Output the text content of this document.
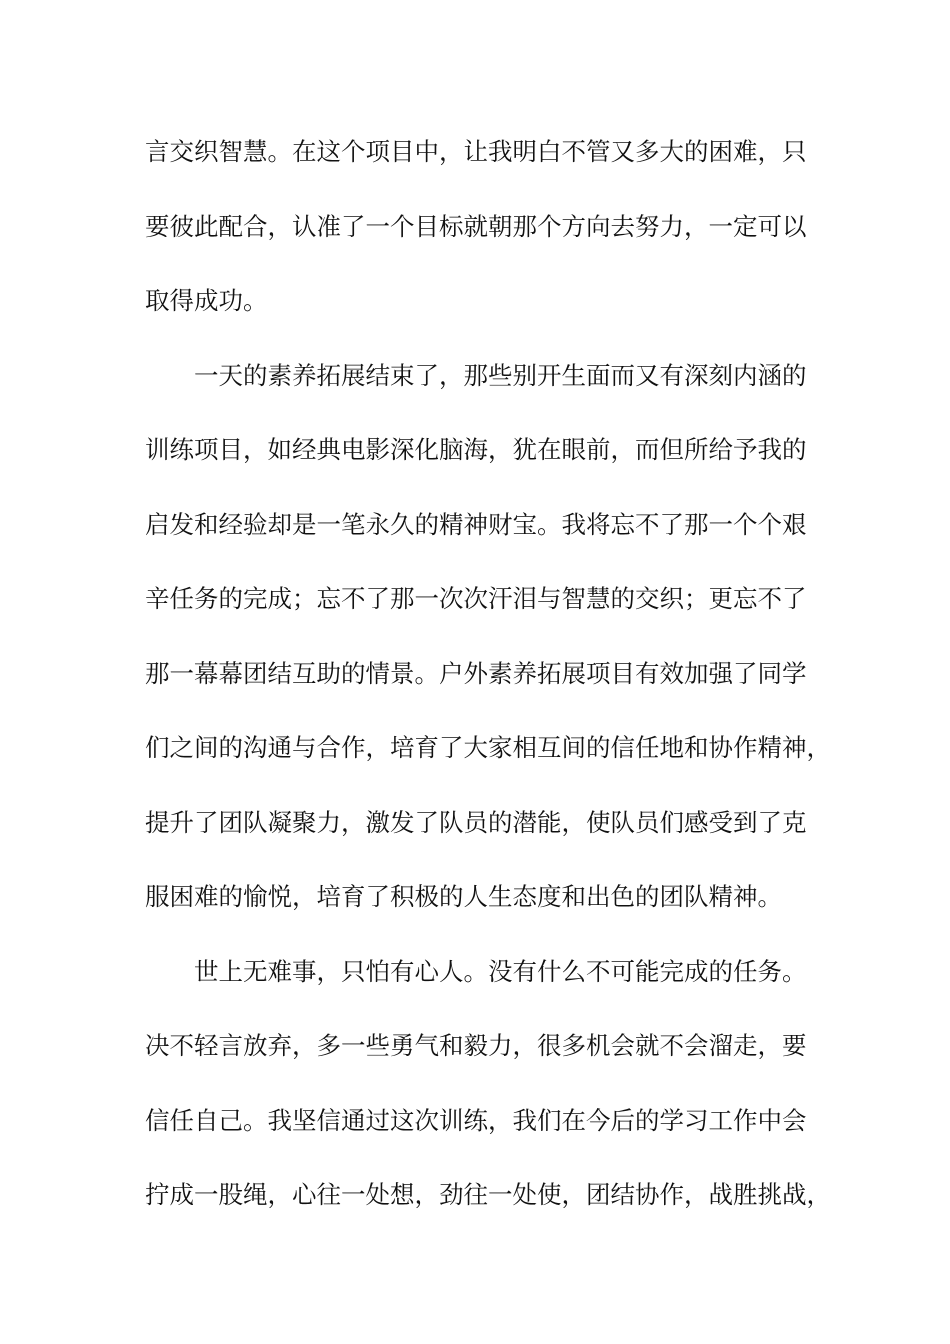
言交织智慧。在这个项目中，让我明白不管又多大的困难，只

要彼此配合，认准了一个目标就朝那个方向去努力，一定可以

取得成功。

一天的素养拓展结束了，那些别开生面而又有深刻内涵的

训练项目，如经典电影深化脑海，犹在眼前，而但所给予我的

启发和经验却是一笔永久的精神财宝。我将忘不了那一个个艰

辛任务的完成；忘不了那一次次汗泪与智慧的交织；更忘不了

那一幕幕团结互助的情景。户外素养拓展项目有效加强了同学

们之间的沟通与合作，培育了大家相互间的信任地和协作精神，

提升了团队凝聚力，激发了队员的潜能，使队员们感受到了克

服困难的愉悦，培育了积极的人生态度和出色的团队精神。

世上无难事，只怕有心人。没有什么不可能完成的任务。

决不轻言放弃，多一些勇气和毅力，很多机会就不会溜走，要

信任自己。我坚信通过这次训练，我们在今后的学习工作中会

拧成一股绳，心往一处想，劲往一处使，团结协作，战胜挑战，
